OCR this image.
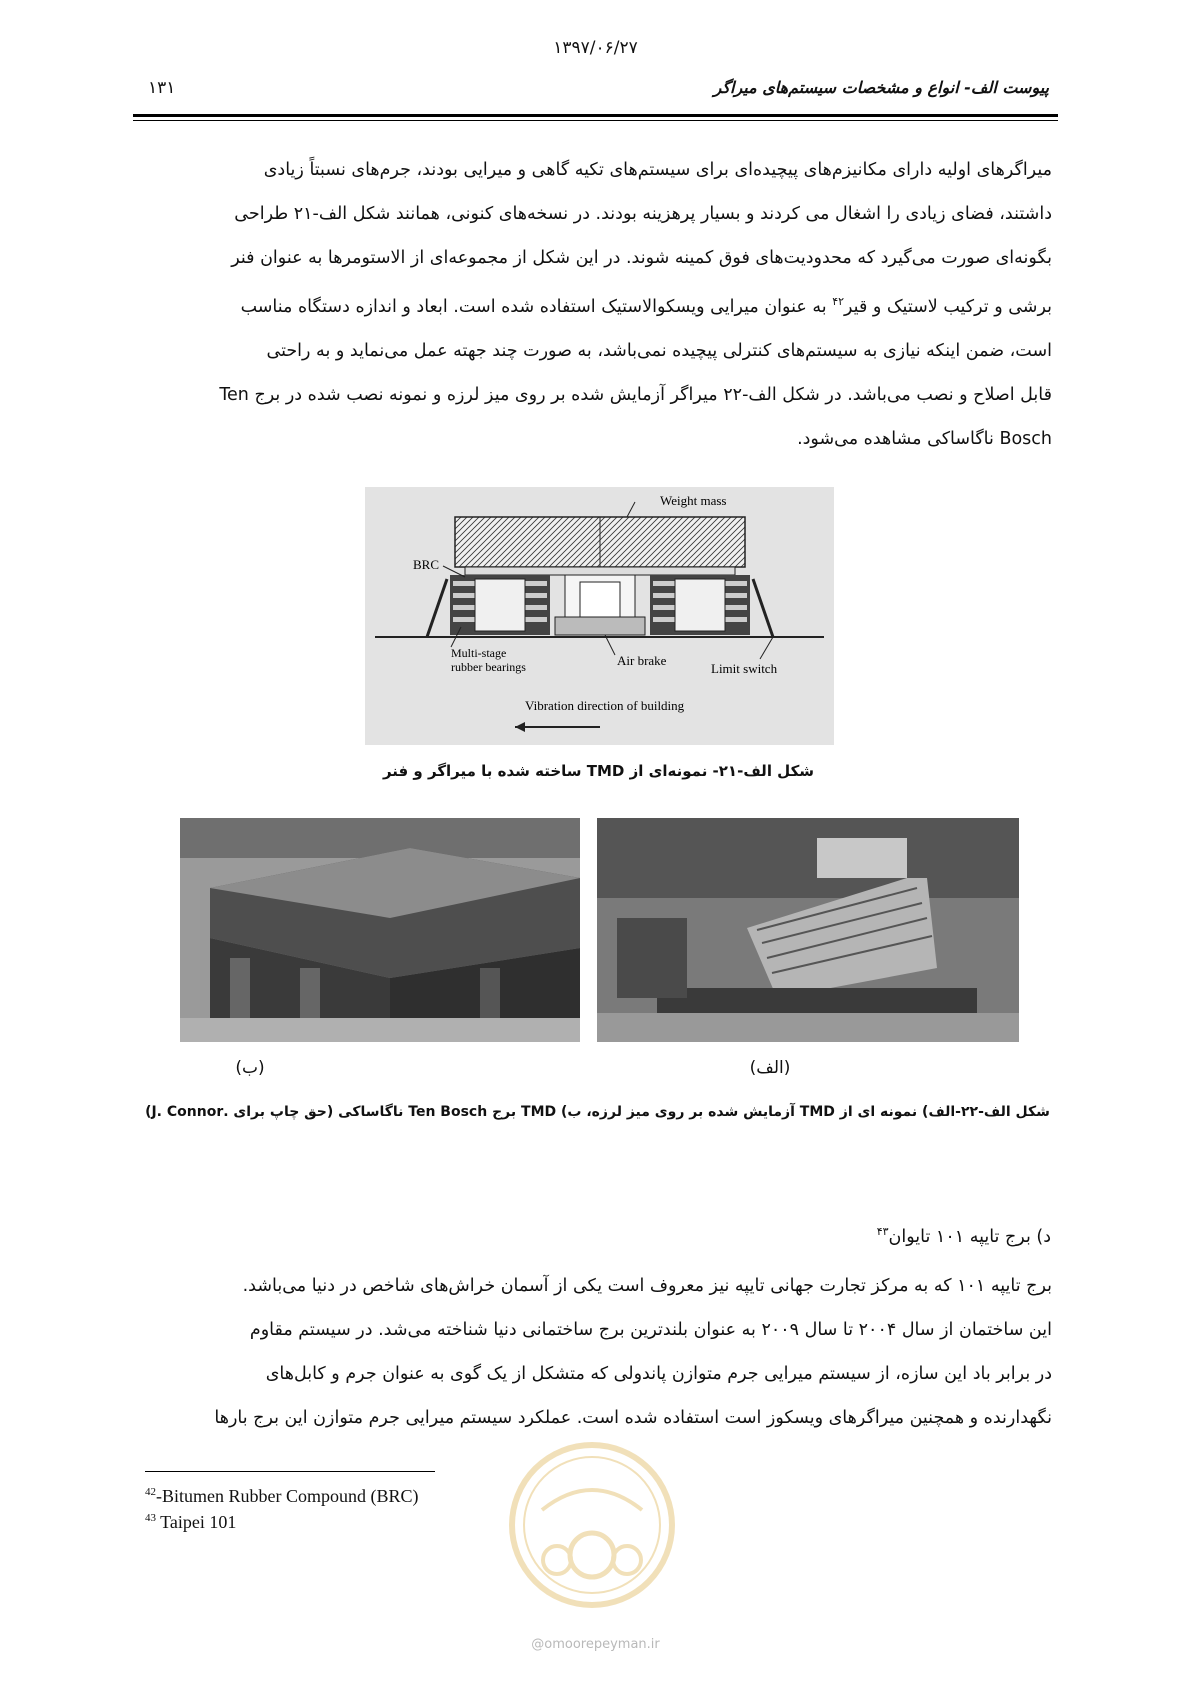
۱۳۹۷/۰۶/۲۷
۱۳۱	پیوست الف- انواع و مشخصات سیستم‌های میراگر

میراگرهای اولیه دارای مکانیزم‌های پیچیده‌ای برای سیستم‌های تکیه گاهی و میرایی بودند، جرم‌های نسبتاً زیادی

داشتند، فضای زیادی را اشغال می کردند و بسیار پرهزینه بودند. در نسخه‌های کنونی، همانند شکل الف-۲۱ طراحی

بگونه‌ای صورت می‌گیرد که محدودیت‌های فوق کمینه شوند. در این شکل از مجموعه‌ای از الاستومرها به عنوان فنر

برشی و ترکیب لاستیک و قیر$^{۴۲}$ به عنوان میرایی ویسکوالاستیک استفاده شده است. ابعاد و اندازه دستگاه مناسب

است، ضمن اینکه نیازی به سیستم‌های کنترلی پیچیده نمی‌باشد، به صورت چند جهته عمل می‌نماید و به راحتی

قابل اصلاح و نصب می‌باشد. در شکل الف-۲۲ میراگر آزمایش شده بر روی میز لرزه و نمونه نصب شده در برج Ten

Bosch ناگاساکی مشاهده می‌شود.

Weight mass
BRC
Multi-stage
rubber bearings	Air brake
Limit switch
Vibration direction of building
شکل الف-۲۱- نمونه‌ای از TMD ساخته شده با میراگر و فنر
(ب)	(الف)
شکل الف-۲۲-الف) نمونه ای از TMD آزمایش شده بر روی میز لرزه، ب) TMD برج Ten Bosch ناگاساکی (حق چاپ برای .J. Connor)
د) برج تایپه ۱۰۱ تایوان$^{۴۳}$

برج تایپه ۱۰۱ که به مرکز تجارت جهانی تایپه نیز معروف است یکی از آسمان خراش‌های شاخص در دنیا می‌باشد.

این ساختمان از سال ۲۰۰۴ تا سال ۲۰۰۹ به عنوان بلندترین برج ساختمانی دنیا شناخته می‌شد. در سیستم مقاوم

در برابر باد این سازه، از سیستم میرایی جرم متوازن پاندولی که متشکل از یک گوی به عنوان جرم و کابل‌های

نگهدارنده و همچنین میراگرهای ویسکوز است استفاده شده است. عملکرد سیستم میرایی جرم متوازن این برج بارها

$^{42}$-Bitumen Rubber Compound (BRC)
$^{43}$ Taipei 101
@omoorepeyman.ir
